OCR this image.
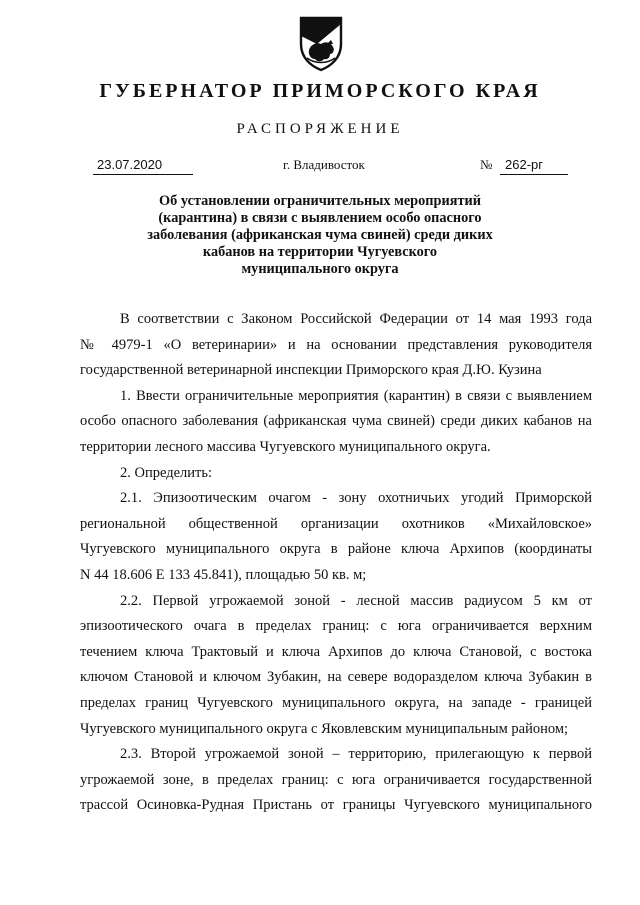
ГУБЕРНАТОР ПРИМОРСКОГО КРАЯ
РАСПОРЯЖЕНИЕ
23.07.2020	г. Владивосток	№ 262-рг
Об установлении ограничительных мероприятий
(карантина) в связи с выявлением особо опасного
заболевания (африканская чума свиней) среди диких
кабанов на территории Чугуевского
муниципального округа

В соответствии с Законом Российской Федерации от 14 мая 1993 года
№ 4979-1 «О ветеринарии» и на основании представления руководителя
государственной ветеринарной инспекции Приморского края Д.Ю. Кузина

1. Ввести ограничительные мероприятия (карантин) в связи с выявлением
особо опасного заболевания (африканская чума свиней) среди диких кабанов на
территории лесного массива Чугуевского муниципального округа.

2. Определить:

2.1. Эпизоотическим очагом - зону охотничьих угодий Приморской
региональной общественной организации охотников «Михайловское»
Чугуевского муниципального округа в районе ключа Архипов (координаты
N 44 18.606 E 133 45.841), площадью 50 кв. м;

2.2. Первой угрожаемой зоной - лесной массив радиусом 5 км от
эпизоотического очага в пределах границ: с юга ограничивается верхним
течением ключа Трактовый и ключа Архипов до ключа Становой, с востока
ключом Становой и ключом Зубакин, на севере водоразделом ключа Зубакин в
пределах границ Чугуевского муниципального округа, на западе - границей
Чугуевского муниципального округа с Яковлевским муниципальным районом;

2.3. Второй угрожаемой зоной – территорию, прилегающую к первой
угрожаемой зоне, в пределах границ: с юга ограничивается государственной
трассой Осиновка-Рудная Пристань от границы Чугуевского муниципального
